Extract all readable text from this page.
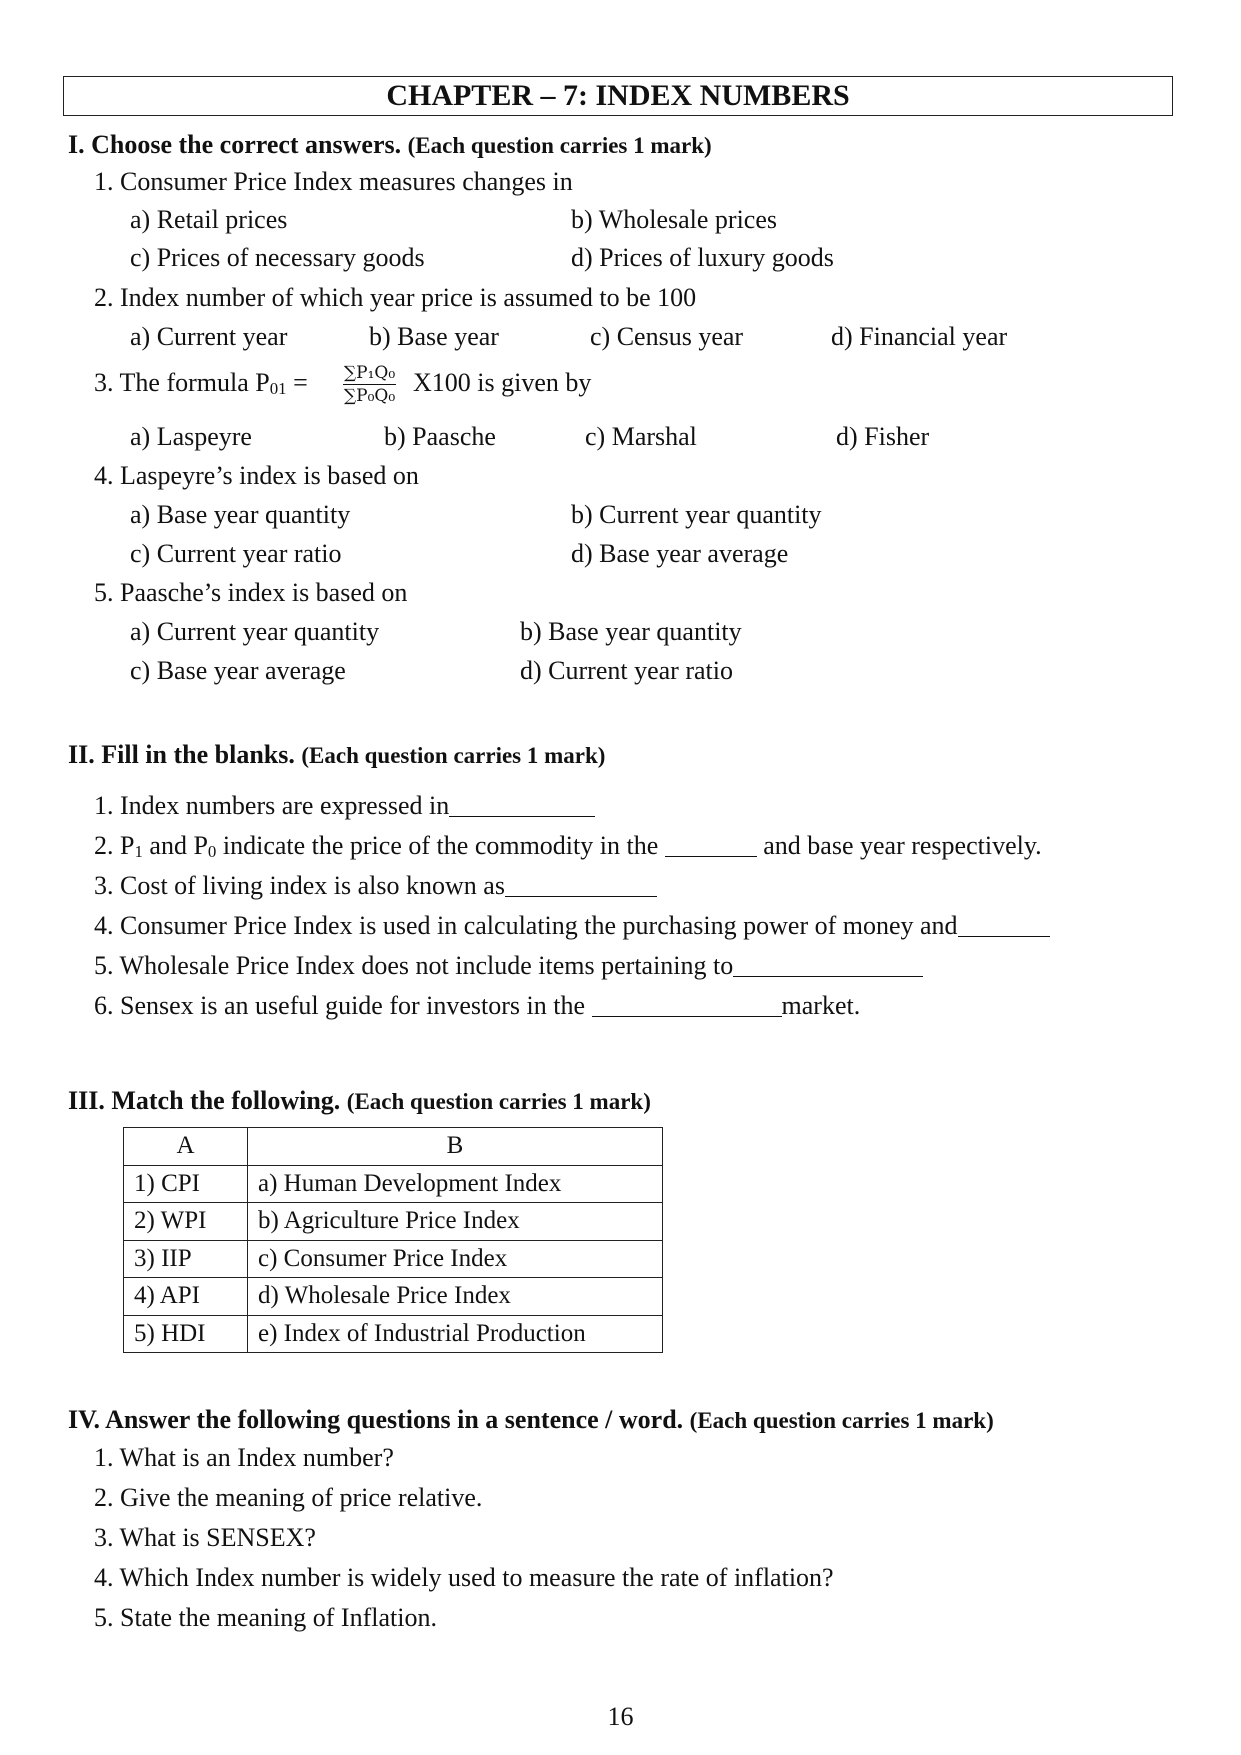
CHAPTER – 7: INDEX NUMBERS
I. Choose the correct answers. (Each question carries 1 mark)
1. Consumer Price Index measures changes in
a) Retail prices	b) Wholesale prices
c) Prices of necessary goods	d) Prices of luxury goods
2. Index number of which year price is assumed to be 100
a) Current year	b) Base year	c) Census year	d) Financial year
3. The formula $P_{01} = \frac{\text{∑P₁Q₀}}{\text{∑P₀Q₀}} X100$ is given by
a) Laspeyre	b) Paasche	c) Marshal	d) Fisher
4. Laspeyre’s index is based on
a) Base year quantity	b) Current year quantity
c) Current year ratio	d) Base year average
5. Paasche’s index is based on
a) Current year quantity	b) Base year quantity
c) Base year average	d) Current year ratio
II. Fill in the blanks. (Each question carries 1 mark)
1. Index numbers are expressed in
2. $P_1$ and $P_0$ indicate the price of the commodity in the	and base year respectively.
3. Cost of living index is also known as
4. Consumer Price Index is used in calculating the purchasing power of money and
5. Wholesale Price Index does not include items pertaining to
6. Sensex is an useful guide for investors in the	market.
III. Match the following. (Each question carries 1 mark)
A	B
1) CPI	a) Human Development Index
2) WPI	b) Agriculture Price Index
3) IIP	c) Consumer Price Index
4) API	d) Wholesale Price Index
5) HDI	e) Index of Industrial Production
IV. Answer the following questions in a sentence / word. (Each question carries 1 mark)
1. What is an Index number?
2. Give the meaning of price relative.
3. What is SENSEX?
4. Which Index number is widely used to measure the rate of inflation?
5. State the meaning of Inflation.
16
